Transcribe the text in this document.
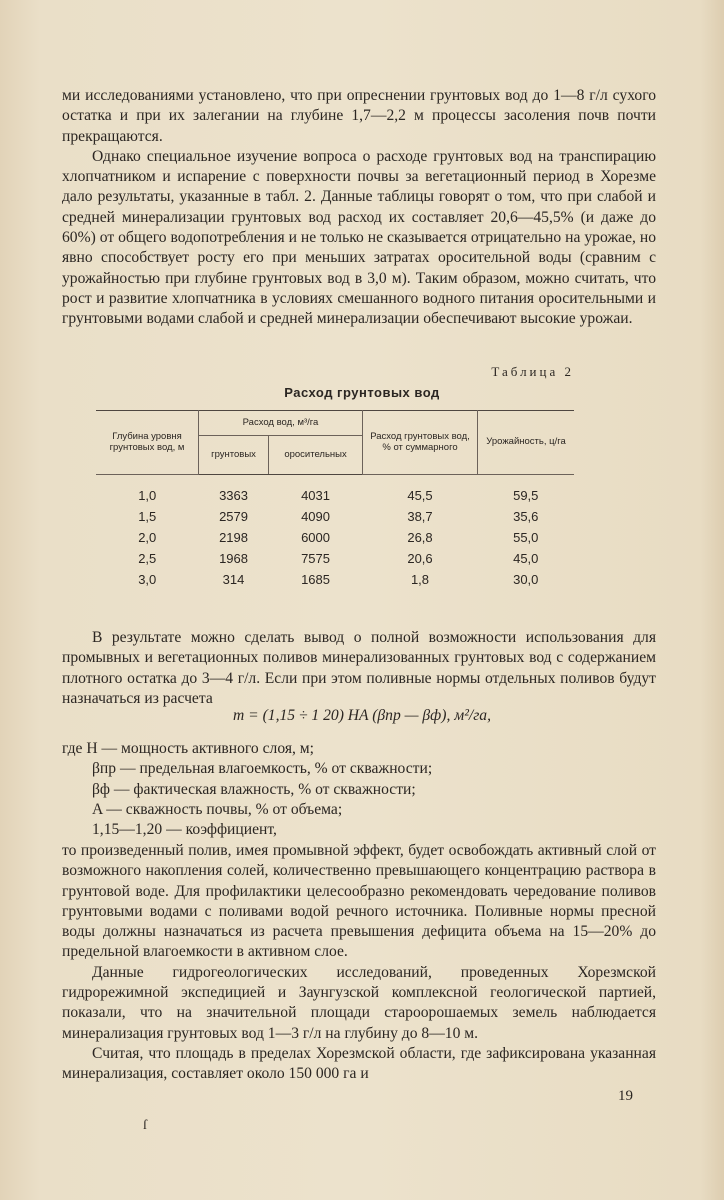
ми исследованиями установлено, что при опреснении грунтовых вод до 1—8 г/л сухого остатка и при их залегании на глубине 1,7—2,2 м процессы засоления почв почти прекращаются.

Однако специальное изучение вопроса о расходе грунтовых вод на транспирацию хлопчатником и испарение с поверхности почвы за вегетационный период в Хорезме дало результаты, указанные в табл. 2. Данные таблицы говорят о том, что при слабой и средней минерализации грунтовых вод расход их составляет 20,6—45,5% (и даже до 60%) от общего водопотребления и не только не сказывается отрицательно на урожае, но явно способствует росту его при меньших затратах оросительной воды (сравним с урожайностью при глубине грунтовых вод в 3,0 м). Таким образом, можно считать, что рост и развитие хлопчатника в условиях смешанного водного питания оросительными и грунтовыми водами слабой и средней минерализации обеспечивают высокие урожаи.

Таблица 2
Расход грунтовых вод
Глубина уровня грунтовых вод, м	Расход вод, м³/га		Расход грунтовых вод, % от суммарного	Урожайность, ц/га
	грунтовых	оросительных		
1,0	3363	4031	45,5	59,5
1,5	2579	4090	38,7	35,6
2,0	2198	6000	26,8	55,0
2,5	1968	7575	20,6	45,0
3,0	314	1685	1,8	30,0

В результате можно сделать вывод о полной возможности использования для промывных и вегетационных поливов минерализованных грунтовых вод с содержанием плотного остатка до 3—4 г/л. Если при этом поливные нормы отдельных поливов будут назначаться из расчета

m = (1,15 ÷ 1 20) HA (βпр — βф), м²/га,
где H — мощность активного слоя, м;
βпр — предельная влагоемкость, % от скважности;
βф — фактическая влажность, % от скважности;
A — скважность почвы, % от объема;
1,15—1,20 — коэффициент,

то произведенный полив, имея промывной эффект, будет освобождать активный слой от возможного накопления солей, количественно превышающего концентрацию раствора в грунтовой воде. Для профилактики целесообразно рекомендовать чередование поливов грунтовыми водами с поливами водой речного источника. Поливные нормы пресной воды должны назначаться из расчета превышения дефицита объема на 15—20% до предельной влагоемкости в активном слое.

Данные гидрогеологических исследований, проведенных Хорезмской гидрорежимной экспедицией и Заунгузской комплексной геологической партией, показали, что на значительной площади староорошаемых земель наблюдается минерализация грунтовых вод 1—3 г/л на глубину до 8—10 м.

Считая, что площадь в пределах Хорезмской области, где зафиксирована указанная минерализация, составляет около 150 000 га и

19
ſ
